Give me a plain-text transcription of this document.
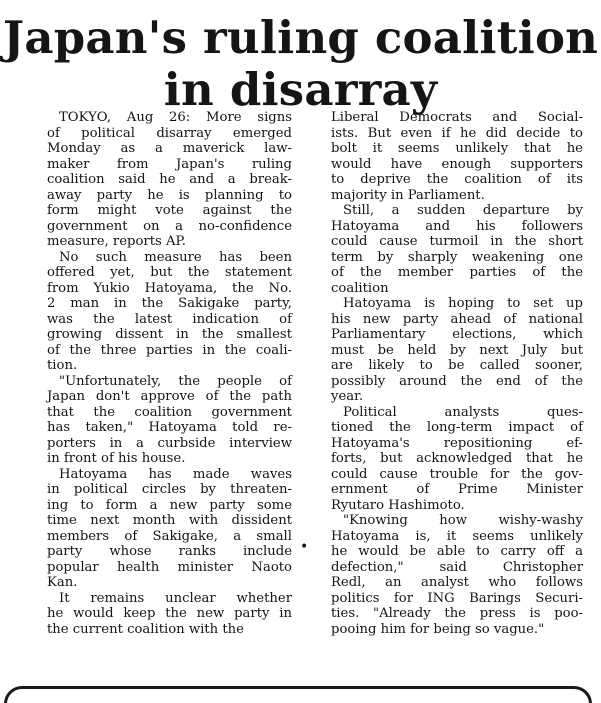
Japan's ruling coalition
in disarray
TOKYO, Aug 26: More signs
of political disarray emerged
Monday as a maverick law-
maker from Japan's ruling
coalition said he and a break-
away party he is planning to
form might vote against the
government on a no-confidence
measure, reports AP.
No such measure has been
offered yet, but the statement
from Yukio Hatoyama, the No.
2 man in the Sakigake party,
was the latest indication of
growing dissent in the smallest
of the three parties in the coali-
tion.
"Unfortunately, the people of
Japan don't approve of the path
that the coalition government
has taken," Hatoyama told re-
porters in a curbside interview
in front of his house.
Hatoyama has made waves
in political circles by threaten-
ing to form a new party some
time next month with dissident
members of Sakigake, a small
party whose ranks include
popular health minister Naoto
Kan.
It remains unclear whether
he would keep the new party in
the current coalition with the
Liberal Democrats and Social-
ists. But even if he did decide to
bolt it seems unlikely that he
would have enough supporters
to deprive the coalition of its
majority in Parliament.
Still, a sudden departure by
Hatoyama and his followers
could cause turmoil in the short
term by sharply weakening one
of the member parties of the
coalition
Hatoyama is hoping to set up
his new party ahead of national
Parliamentary elections, which
must be held by next July but
are likely to be called sooner,
possibly around the end of the
year.
Political analysts ques-
tioned the long-term impact of
Hatoyama's repositioning ef-
forts, but acknowledged that he
could cause trouble for the gov-
ernment of Prime Minister
Ryutaro Hashimoto.
"Knowing how wishy-washy
Hatoyama is, it seems unlikely
he would be able to carry off a
defection," said Christopher
Redl, an analyst who follows
politics for ING Barings Securi-
ties. "Already the press is poo-
pooing him for being so vague."
•
